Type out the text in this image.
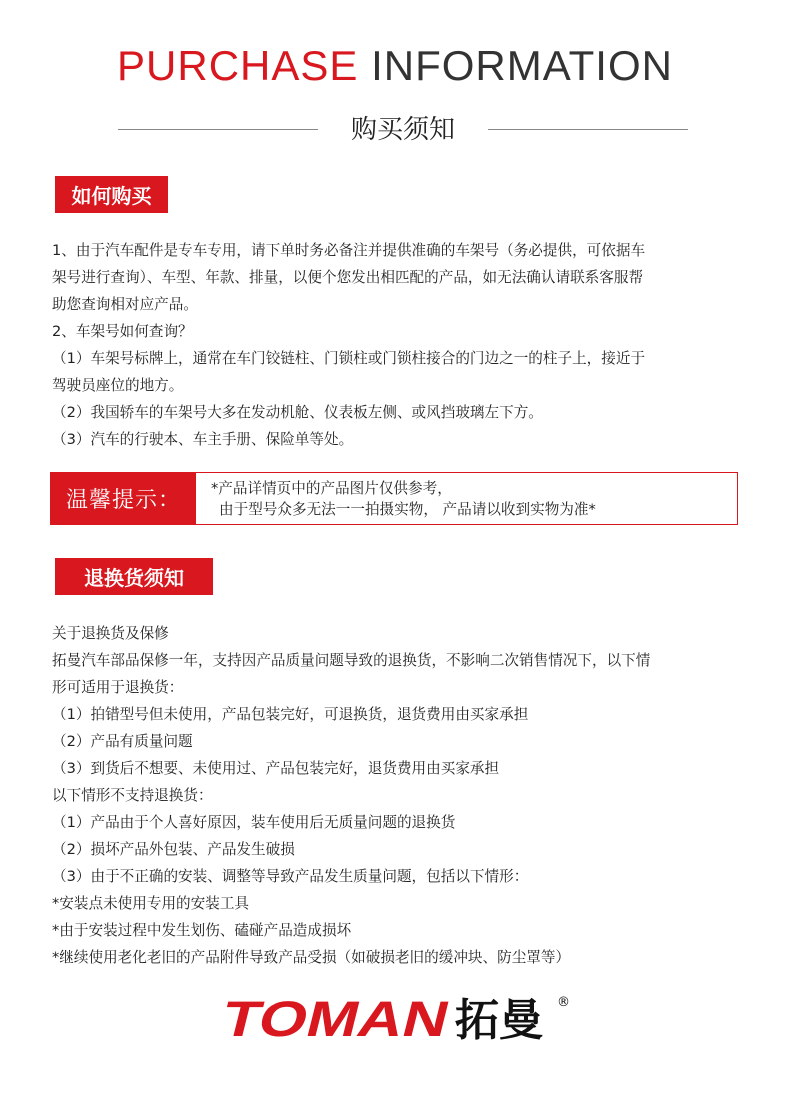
PURCHASE INFORMATION
购买须知
如何购买
1、由于汽车配件是专车专用，请下单时务必备注并提供准确的车架号（务必提供，可依据车
架号进行查询）、车型、年款、排量，以便个您发出相匹配的产品，如无法确认请联系客服帮
助您查询相对应产品。
2、车架号如何查询？
（1）车架号标牌上，通常在车门铰链柱、门锁柱或门锁柱接合的门边之一的柱子上，接近于
驾驶员座位的地方。
（2）我国轿车的车架号大多在发动机舱、仪表板左侧、或风挡玻璃左下方。
（3）汽车的行驶本、车主手册、保险单等处。
温馨提示：	*产品详情页中的产品图片仅供参考，
由于型号众多无法一一拍摄实物， 产品请以收到实物为准*
退换货须知
关于退换货及保修
拓曼汽车部品保修一年，支持因产品质量问题导致的退换货，不影响二次销售情况下，以下情
形可适用于退换货：
（1）拍错型号但未使用，产品包装完好，可退换货，退货费用由买家承担
（2）产品有质量问题
（3）到货后不想要、未使用过、产品包装完好，退货费用由买家承担
以下情形不支持退换货：
（1）产品由于个人喜好原因，装车使用后无质量问题的退换货
（2）损坏产品外包装、产品发生破损
（3）由于不正确的安装、调整等导致产品发生质量问题，包括以下情形：
*安装点未使用专用的安装工具
*由于安装过程中发生划伤、磕碰产品造成损坏
*继续使用老化老旧的产品附件导致产品受损（如破损老旧的缓冲块、防尘罩等）
TOMAN 拓曼 ®
